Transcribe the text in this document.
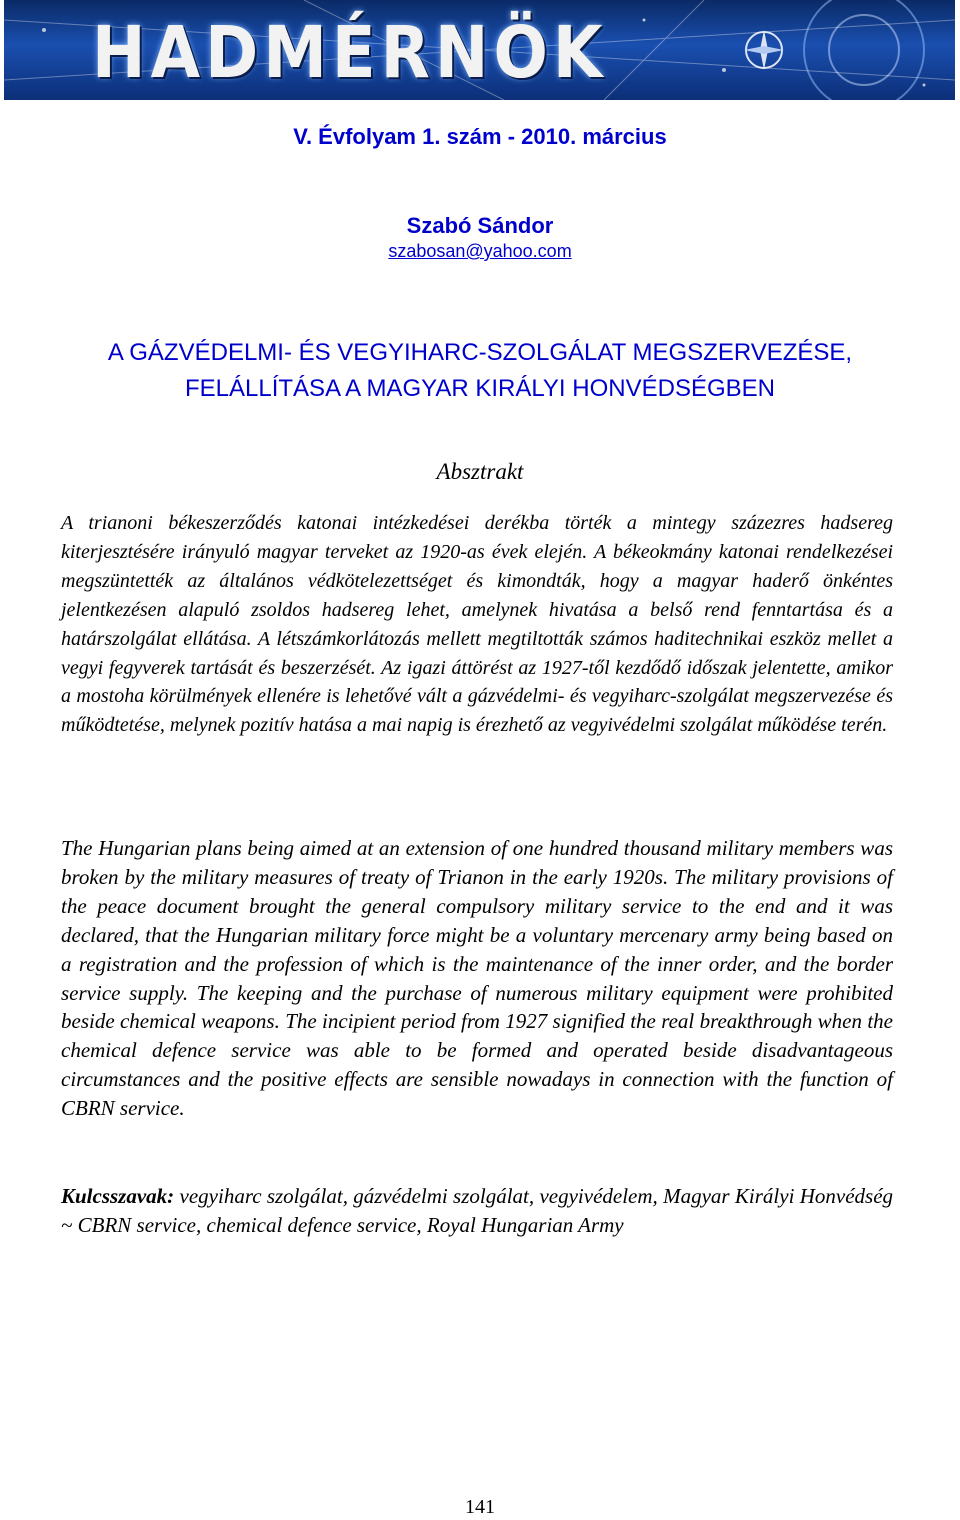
HADMÉRNÖK
V. Évfolyam 1. szám - 2010. március
Szabó Sándor
szabosan@yahoo.com
A GÁZVÉDELMI- ÉS VEGYIHARC-SZOLGÁLAT MEGSZERVEZÉSE,
FELÁLLÍTÁSA A MAGYAR KIRÁLYI HONVÉDSÉGBEN
Absztrakt

A trianoni békeszerződés katonai intézkedései derékba törték a mintegy százezres hadsereg kiterjesztésére irányuló magyar terveket az 1920-as évek elején. A békeokmány katonai rendelkezései megszüntették az általános védkötelezettséget és kimondták, hogy a magyar haderő önkéntes jelentkezésen alapuló zsoldos hadsereg lehet, amelynek hivatása a belső rend fenntartása és a határszolgálat ellátása. A létszámkorlátozás mellett megtiltották számos haditechnikai eszköz mellet a vegyi fegyverek tartását és beszerzését. Az igazi áttörést az 1927-től kezdődő időszak jelentette, amikor a mostoha körülmények ellenére is lehetővé vált a gázvédelmi- és vegyiharc-szolgálat megszervezése és működtetése, melynek pozitív hatása a mai napig is érezhető az vegyivédelmi szolgálat működése terén.

The Hungarian plans being aimed at an extension of one hundred thousand military members was broken by the military measures of treaty of Trianon in the early 1920s. The military provisions of the peace document brought the general compulsory military service to the end and it was declared, that the Hungarian military force might be a voluntary mercenary army being based on a registration and the profession of which is the maintenance of the inner order, and the border service supply. The keeping and the purchase of numerous military equipment were prohibited beside chemical weapons. The incipient period from 1927 signified the real breakthrough when the chemical defence service was able to be formed and operated beside disadvantageous circumstances and the positive effects are sensible nowadays in connection with the function of CBRN service.

Kulcsszavak: vegyiharc szolgálat, gázvédelmi szolgálat, vegyivédelem, Magyar Királyi Honvédség ~ CBRN service, chemical defence service, Royal Hungarian Army

141
